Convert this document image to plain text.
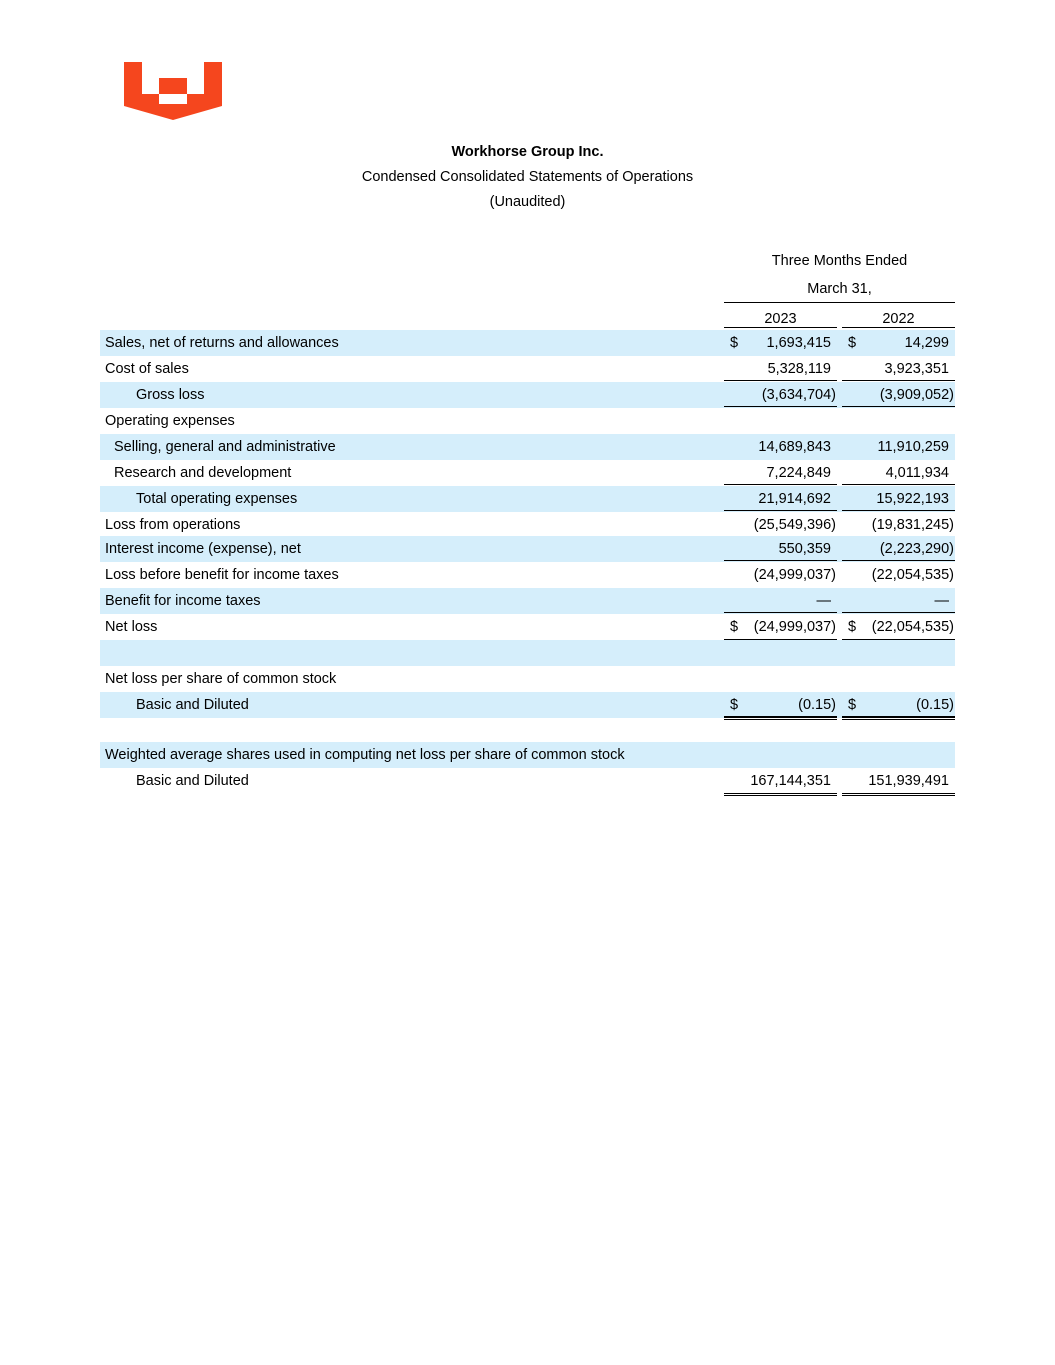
Workhorse Group Inc.
Condensed Consolidated Statements of Operations
(Unaudited)
Three Months Ended
March 31,
2023	2022
Sales, net of returns and allowances	$ 1,693,415 $	14,299
Cost of sales	5,328,119	3,923,351
Gross loss	(3,634,704)	(3,909,052)
Operating expenses
Selling, general and administrative	14,689,843	11,910,259
Research and development	7,224,849	4,011,934
Total operating expenses	21,914,692	15,922,193
Loss from operations	(25,549,396) (19,831,245)
Interest income (expense), net	550,359	(2,223,290)
Loss before benefit for income taxes	(24,999,037) (22,054,535)
Benefit for income taxes	—	—
Net loss	$ (24,999,037) $ (22,054,535)
Net loss per share of common stock
Basic and Diluted	$	(0.15) $	(0.15)
Weighted average shares used in computing net loss per share of common stock
Basic and Diluted	167,144,351	151,939,491
